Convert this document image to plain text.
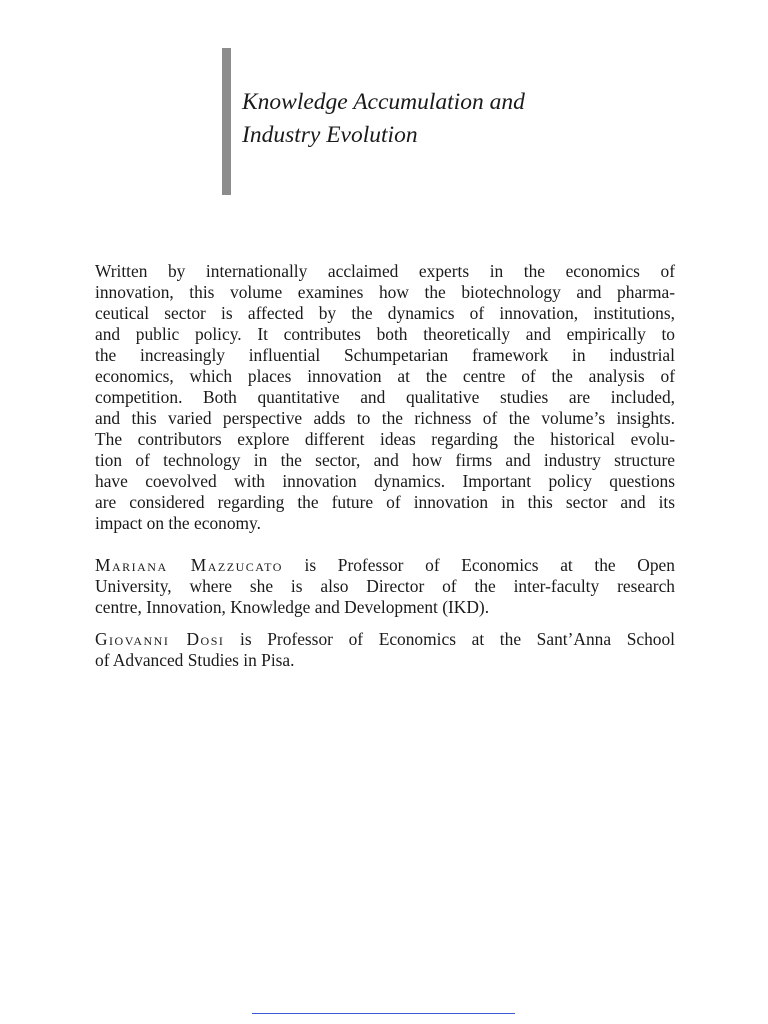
Knowledge Accumulation and
Industry Evolution
Written by internationally acclaimed experts in the economics of
innovation, this volume examines how the biotechnology and pharma-
ceutical sector is affected by the dynamics of innovation, institutions,
and public policy. It contributes both theoretically and empirically to
the increasingly influential Schumpetarian framework in industrial
economics, which places innovation at the centre of the analysis of
competition. Both quantitative and qualitative studies are included,
and this varied perspective adds to the richness of the volume’s insights.
The contributors explore different ideas regarding the historical evolu-
tion of technology in the sector, and how firms and industry structure
have coevolved with innovation dynamics. Important policy questions
are considered regarding the future of innovation in this sector and its
impact on the economy.
Mariana Mazzucato is Professor of Economics at the Open
University, where she is also Director of the inter-faculty research
centre, Innovation, Knowledge and Development (IKD).
Giovanni Dosi is Professor of Economics at the Sant’Anna School
of Advanced Studies in Pisa.
